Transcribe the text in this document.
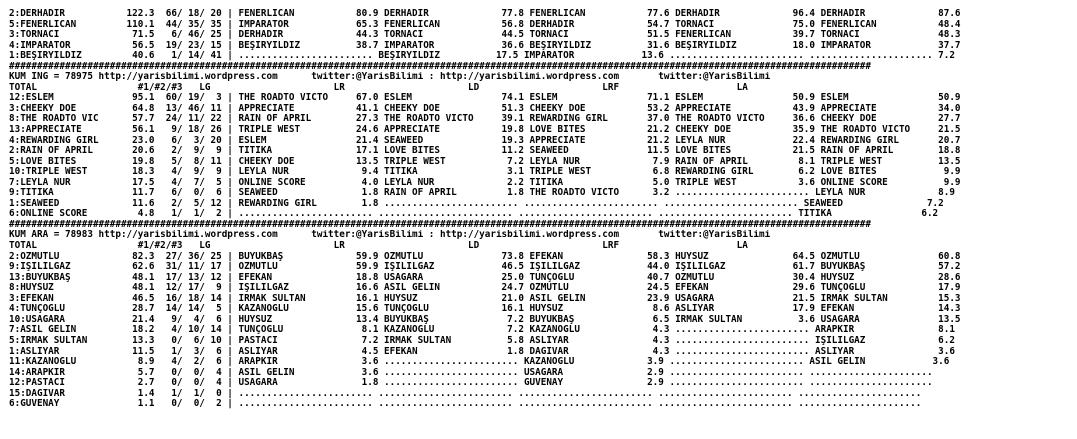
2:DERHADIR           122.3  66/ 18/ 20 | FENERLİCAN           80.9 DERHADIR             77.8 FENERLİCAN           77.6 DERHADIR             96.4 DERHADIR             87.6
5:FENERLİCAN         110.1  44/ 35/ 35 | İMPARATOR            65.3 FENERLİCAN           56.8 DERHADIR             54.7 TORNACI              75.0 FENERLİCAN           48.4
3:TORNACI             71.5   6/ 46/ 25 | DERHADIR             44.3 TORNACI              44.5 TORNACI              51.5 FENERLİCAN           39.7 TORNACI              48.3
4:İMPARATOR           56.5  19/ 23/ 15 | BEŞİRYILDIZ          38.7 İMPARATOR            36.6 BEŞİRYILDIZ          31.6 BEŞİRYILDIZ          18.0 İMPARATOR            37.7
1:BEŞİRYILDIZ         40.6   1/ 14/ 41 | ........................ BEŞİRYILDIZ          17.5 İMPARATOR            13.6 ........................ ...................... 7.2
##########################################################################################################################################################
KUM İNG = 78975 http://yarisbilimi.wordpress.com      twitter:@YarisBilimi : http://yarisbilimi.wordpress.com       twitter:@YarisBilimi
TOTAL                  #1/#2/#3   LG                      LR                      LD                      LRF                     LA
12:ESLEM              95.1  60/ 19/  3 | THE ROADTO VICTO     67.0 ESLEM                74.1 ESLEM                71.1 ESLEM                50.9 ESLEM                50.9
3:CHEEKY DOE          64.8  13/ 46/ 11 | APPRECIATE           41.1 CHEEKY DOE           51.3 CHEEKY DOE           53.2 APPRECIATE           43.9 APPRECIATE           34.0
8:THE ROADTO VIC      57.7  24/ 11/ 22 | RAIN OF APRIL        27.3 THE ROADTO VICTO     39.1 REWARDING GIRL       37.0 THE ROADTO VICTO     36.6 CHEEKY DOE           27.7
13:APPRECIATE         56.1   9/ 18/ 26 | TRIPLE WEST          24.6 APPRECIATE           19.8 LOVE BITES           21.2 CHEEKY DOE           35.9 THE ROADTO VICTO     21.5
4:REWARDING GIRL      23.0   6/  3/ 20 | ESLEM                21.4 SEAWEED              19.3 APPRECIATE           21.2 LEYLA NUR            22.4 REWARDING GIRL       20.7
2:RAIN OF APRIL       20.6   2/  9/  9 | TİTİKA               17.1 LOVE BITES           11.2 SEAWEED              11.5 LOVE BITES           21.5 RAIN OF APRIL        18.8
5:LOVE BITES          19.8   5/  8/ 11 | CHEEKY DOE           13.5 TRIPLE WEST           7.2 LEYLA NUR             7.9 RAIN OF APRIL         8.1 TRIPLE WEST          13.5
10:TRIPLE WEST        18.3   4/  9/  9 | LEYLA NUR             9.4 TİTİKA                3.1 TRIPLE WEST           6.8 REWARDING GIRL        6.2 LOVE BITES            9.9
7:LEYLA NUR           17.5   4/  7/  5 | ONLINE SCORE          4.0 LEYLA NUR             2.2 TİTİKA                5.0 TRIPLE WEST           3.6 ONLINE SCORE          9.9
9:TİTİKA              11.7   6/  0/  6 | SEAWEED               1.8 RAIN OF APRIL         1.8 THE ROADTO VICTO      3.2 ........................ LEYLA NUR             8.9
1:SEAWEED             11.6   2/  5/ 12 | REWARDING GIRL        1.8 ........................ ........................ ........................ SEAWEED               7.2
6:ONLINE SCORE         4.8   1/  1/  2 | ........................ ........................ ........................ ........................ TİTİKA                6.2
##########################################################################################################################################################
KUM ARA = 78983 http://yarisbilimi.wordpress.com      twitter:@YarisBilimi : http://yarisbilimi.wordpress.com       twitter:@YarisBilimi
TOTAL                  #1/#2/#3   LG                      LR                      LD                      LRF                     LA
2:ÖZMUTLU             82.3  27/ 36/ 25 | BÜYÜKBAŞ             59.9 ÖZMUTLU              73.8 EFEKAN               58.3 HUYSUZ               64.5 ÖZMUTLU              60.8
9:IŞILILGAZ           62.6  31/ 11/ 17 | ÖZMUTLU              59.9 IŞILILGAZ            46.5 IŞILILGAZ            44.0 IŞILILGAZ            61.7 BÜYÜKBAŞ             57.2
13:BÜYÜKBAŞ           48.1  17/ 13/ 12 | EFEKAN               18.8 USAGARA              25.0 TUNÇOĞLU             40.7 ÖZMUTLU              30.4 HUYSUZ               28.6
8:HUYSUZ              48.1  12/ 17/  9 | IŞILILGAZ            16.6 ASİL GELİN           24.7 ÖZMUTLU              24.5 EFEKAN               29.6 TUNÇOĞLU             17.9
3:EFEKAN              46.5  16/ 18/ 14 | IRMAK SULTAN         16.1 HUYSUZ               21.0 ASİL GELİN           23.9 USAGARA              21.5 IRMAK SULTAN         15.3
4:TUNÇOĞLU            28.7  14/ 14/  5 | KAZANOĞLU            15.6 TUNÇOĞLU             16.1 HUYSUZ                8.6 ASLIYAR              17.9 EFEKAN               14.3
10:USAGARA            21.4   9/  4/  6 | HUYSUZ               13.4 BÜYÜKBAŞ              7.2 BÜYÜKBAŞ              6.5 IRMAK SULTAN          3.6 USAGARA              13.5
7:ASİL GELİN          18.2   4/ 10/ 14 | TUNÇOĞLU              8.1 KAZANOĞLU             7.2 KAZANOĞLU             4.3 ........................ ARAPKIR               8.1
5:IRMAK SULTAN        13.3   0/  6/ 10 | PASTACI               7.2 IRMAK SULTAN          5.8 ASLIYAR               4.3 ........................ IŞILILGAZ             6.2
1:ASLIYAR             11.5   1/  3/  6 | ASLIYAR               4.5 EFEKAN                1.8 DAĞIVAR               4.3 ........................ ASLIYAR               3.6
11:KAZANOĞLU           8.9   4/  2/  6 | ARAPKIR               3.6 ........................ KAZANOĞLU             3.9 ........................ ASİL GELİN            3.6
14:ARAPKIR             5.7   0/  0/  4 | ASİL GELİN            3.6 ........................ USAGARA               2.9 ........................ ......................
12:PASTACI             2.7   0/  0/  4 | USAGARA               1.8 ........................ GÜVENAY               2.9 ........................ ......................
15:DAĞIVAR             1.4   1/  1/  0 | ........................ ........................ ........................ ........................ ......................
6:GÜVENAY              1.1   0/  0/  2 | ........................ ........................ ........................ ........................ ......................
